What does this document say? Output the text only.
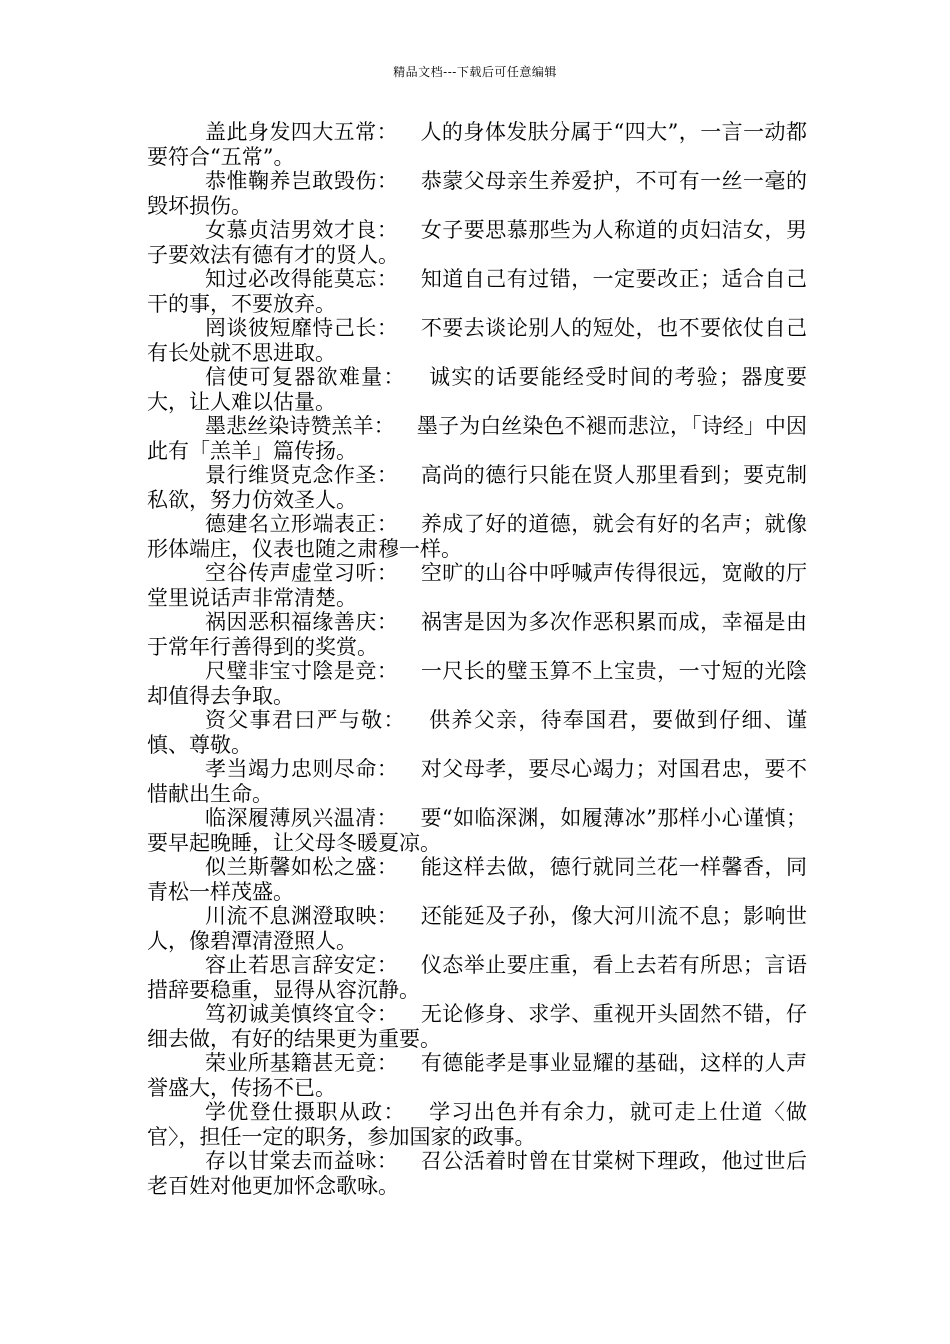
精品文档---下载后可任意编辑

盖此身发四大五常： 人的身体发肤分属于“四大”，一言一动都要符合“五常”。

恭惟鞠养岂敢毁伤： 恭蒙父母亲生养爱护，不可有一丝一毫的毁坏损伤。

女慕贞洁男效才良： 女子要思慕那些为人称道的贞妇洁女，男子要效法有德有才的贤人。

知过必改得能莫忘： 知道自己有过错，一定要改正；适合自己干的事，不要放弃。

罔谈彼短靡恃己长： 不要去谈论别人的短处，也不要依仗自己有长处就不思进取。

信使可复器欲难量： 诚实的话要能经受时间的考验；器度要大，让人难以估量。

墨悲丝染诗赞羔羊： 墨子为白丝染色不褪而悲泣，「诗经」中因此有「羔羊」篇传扬。

景行维贤克念作圣： 高尚的德行只能在贤人那里看到；要克制私欲，努力仿效圣人。

德建名立形端表正： 养成了好的道德，就会有好的名声；就像形体端庄，仪表也随之肃穆一样。

空谷传声虚堂习听： 空旷的山谷中呼喊声传得很远，宽敞的厅堂里说话声非常清楚。

祸因恶积福缘善庆： 祸害是因为多次作恶积累而成，幸福是由于常年行善得到的奖赏。

尺璧非宝寸陰是竞： 一尺长的璧玉算不上宝贵，一寸短的光陰却值得去争取。

资父事君曰严与敬： 供养父亲，待奉国君，要做到仔细、谨慎、尊敬。

孝当竭力忠则尽命： 对父母孝，要尽心竭力；对国君忠，要不惜献出生命。

临深履薄夙兴温凊： 要“如临深渊，如履薄冰”那样小心谨慎；要早起晚睡，让父母冬暖夏凉。

似兰斯馨如松之盛： 能这样去做，德行就同兰花一样馨香，同青松一样茂盛。

川流不息渊澄取映： 还能延及子孙，像大河川流不息；影响世人，像碧潭清澄照人。

容止若思言辞安定： 仪态举止要庄重，看上去若有所思；言语措辞要稳重，显得从容沉静。

笃初诚美慎终宜令： 无论修身、求学、重视开头固然不错，仔细去做，有好的结果更为重要。

荣业所基籍甚无竟： 有德能孝是事业显耀的基础，这样的人声誉盛大，传扬不已。

学优登仕摄职从政： 学习出色并有余力，就可走上仕道〈做官〉，担任一定的职务，参加国家的政事。

存以甘棠去而益咏： 召公活着时曾在甘棠树下理政，他过世后老百姓对他更加怀念歌咏。
